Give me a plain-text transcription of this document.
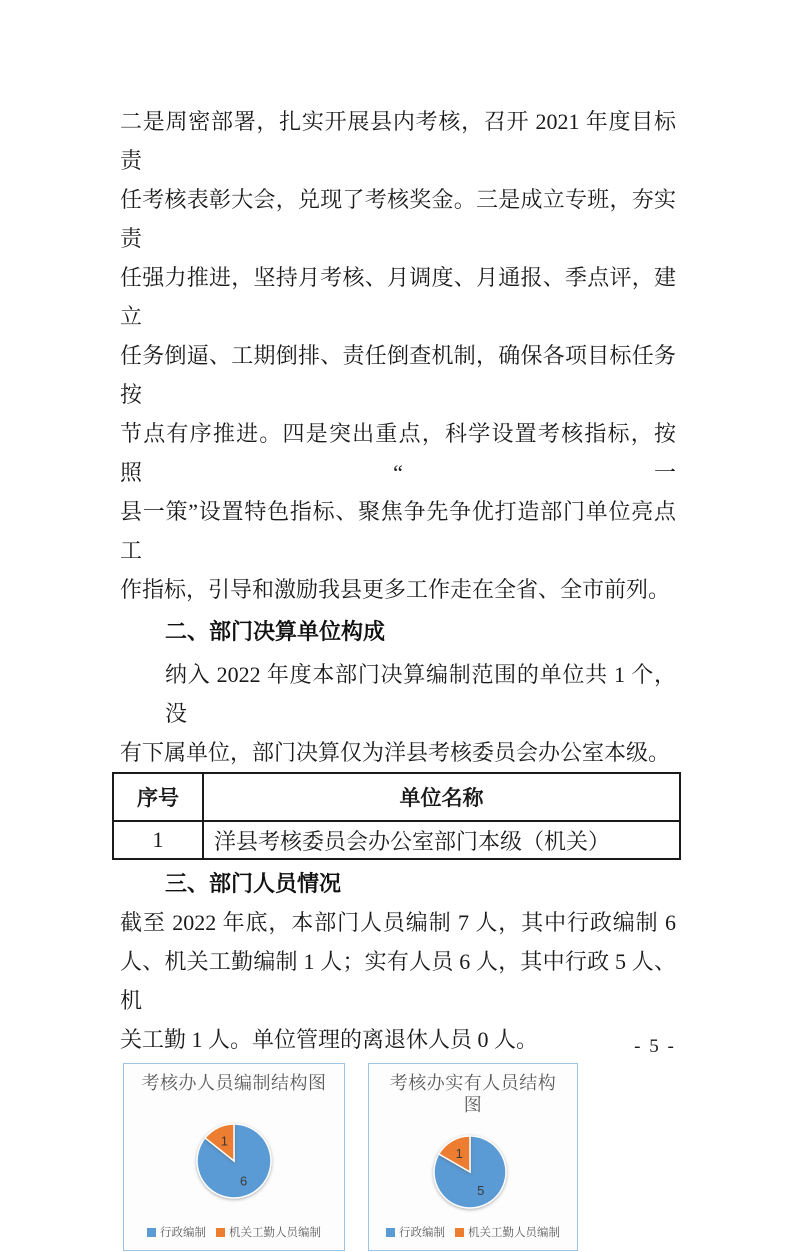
二是周密部署，扎实开展县内考核，召开 2021 年度目标责
任考核表彰大会，兑现了考核奖金。三是成立专班，夯实责
任强力推进，坚持月考核、月调度、月通报、季点评，建立
任务倒逼、工期倒排、责任倒查机制，确保各项目标任务按
节点有序推进。四是突出重点，科学设置考核指标，按照“一
县一策”设置特色指标、聚焦争先争优打造部门单位亮点工
作指标，引导和激励我县更多工作走在全省、全市前列。
二、部门决算单位构成
纳入 2022 年度本部门决算编制范围的单位共 1 个，没
有下属单位，部门决算仅为洋县考核委员会办公室本级。
序号	单位名称
1	洋县考核委员会办公室部门本级（机关）
三、部门人员情况
截至 2022 年底，本部门人员编制 7 人，其中行政编制 6
人、机关工勤编制 1 人；实有人员 6 人，其中行政 5 人、机
关工勤 1 人。单位管理的离退休人员 0 人。
考核办人员编制结构图
6
1
行政编制 机关工勤人员编制
考核办实有人员结构
图
5
1
行政编制 机关工勤人员编制
- 5 -
